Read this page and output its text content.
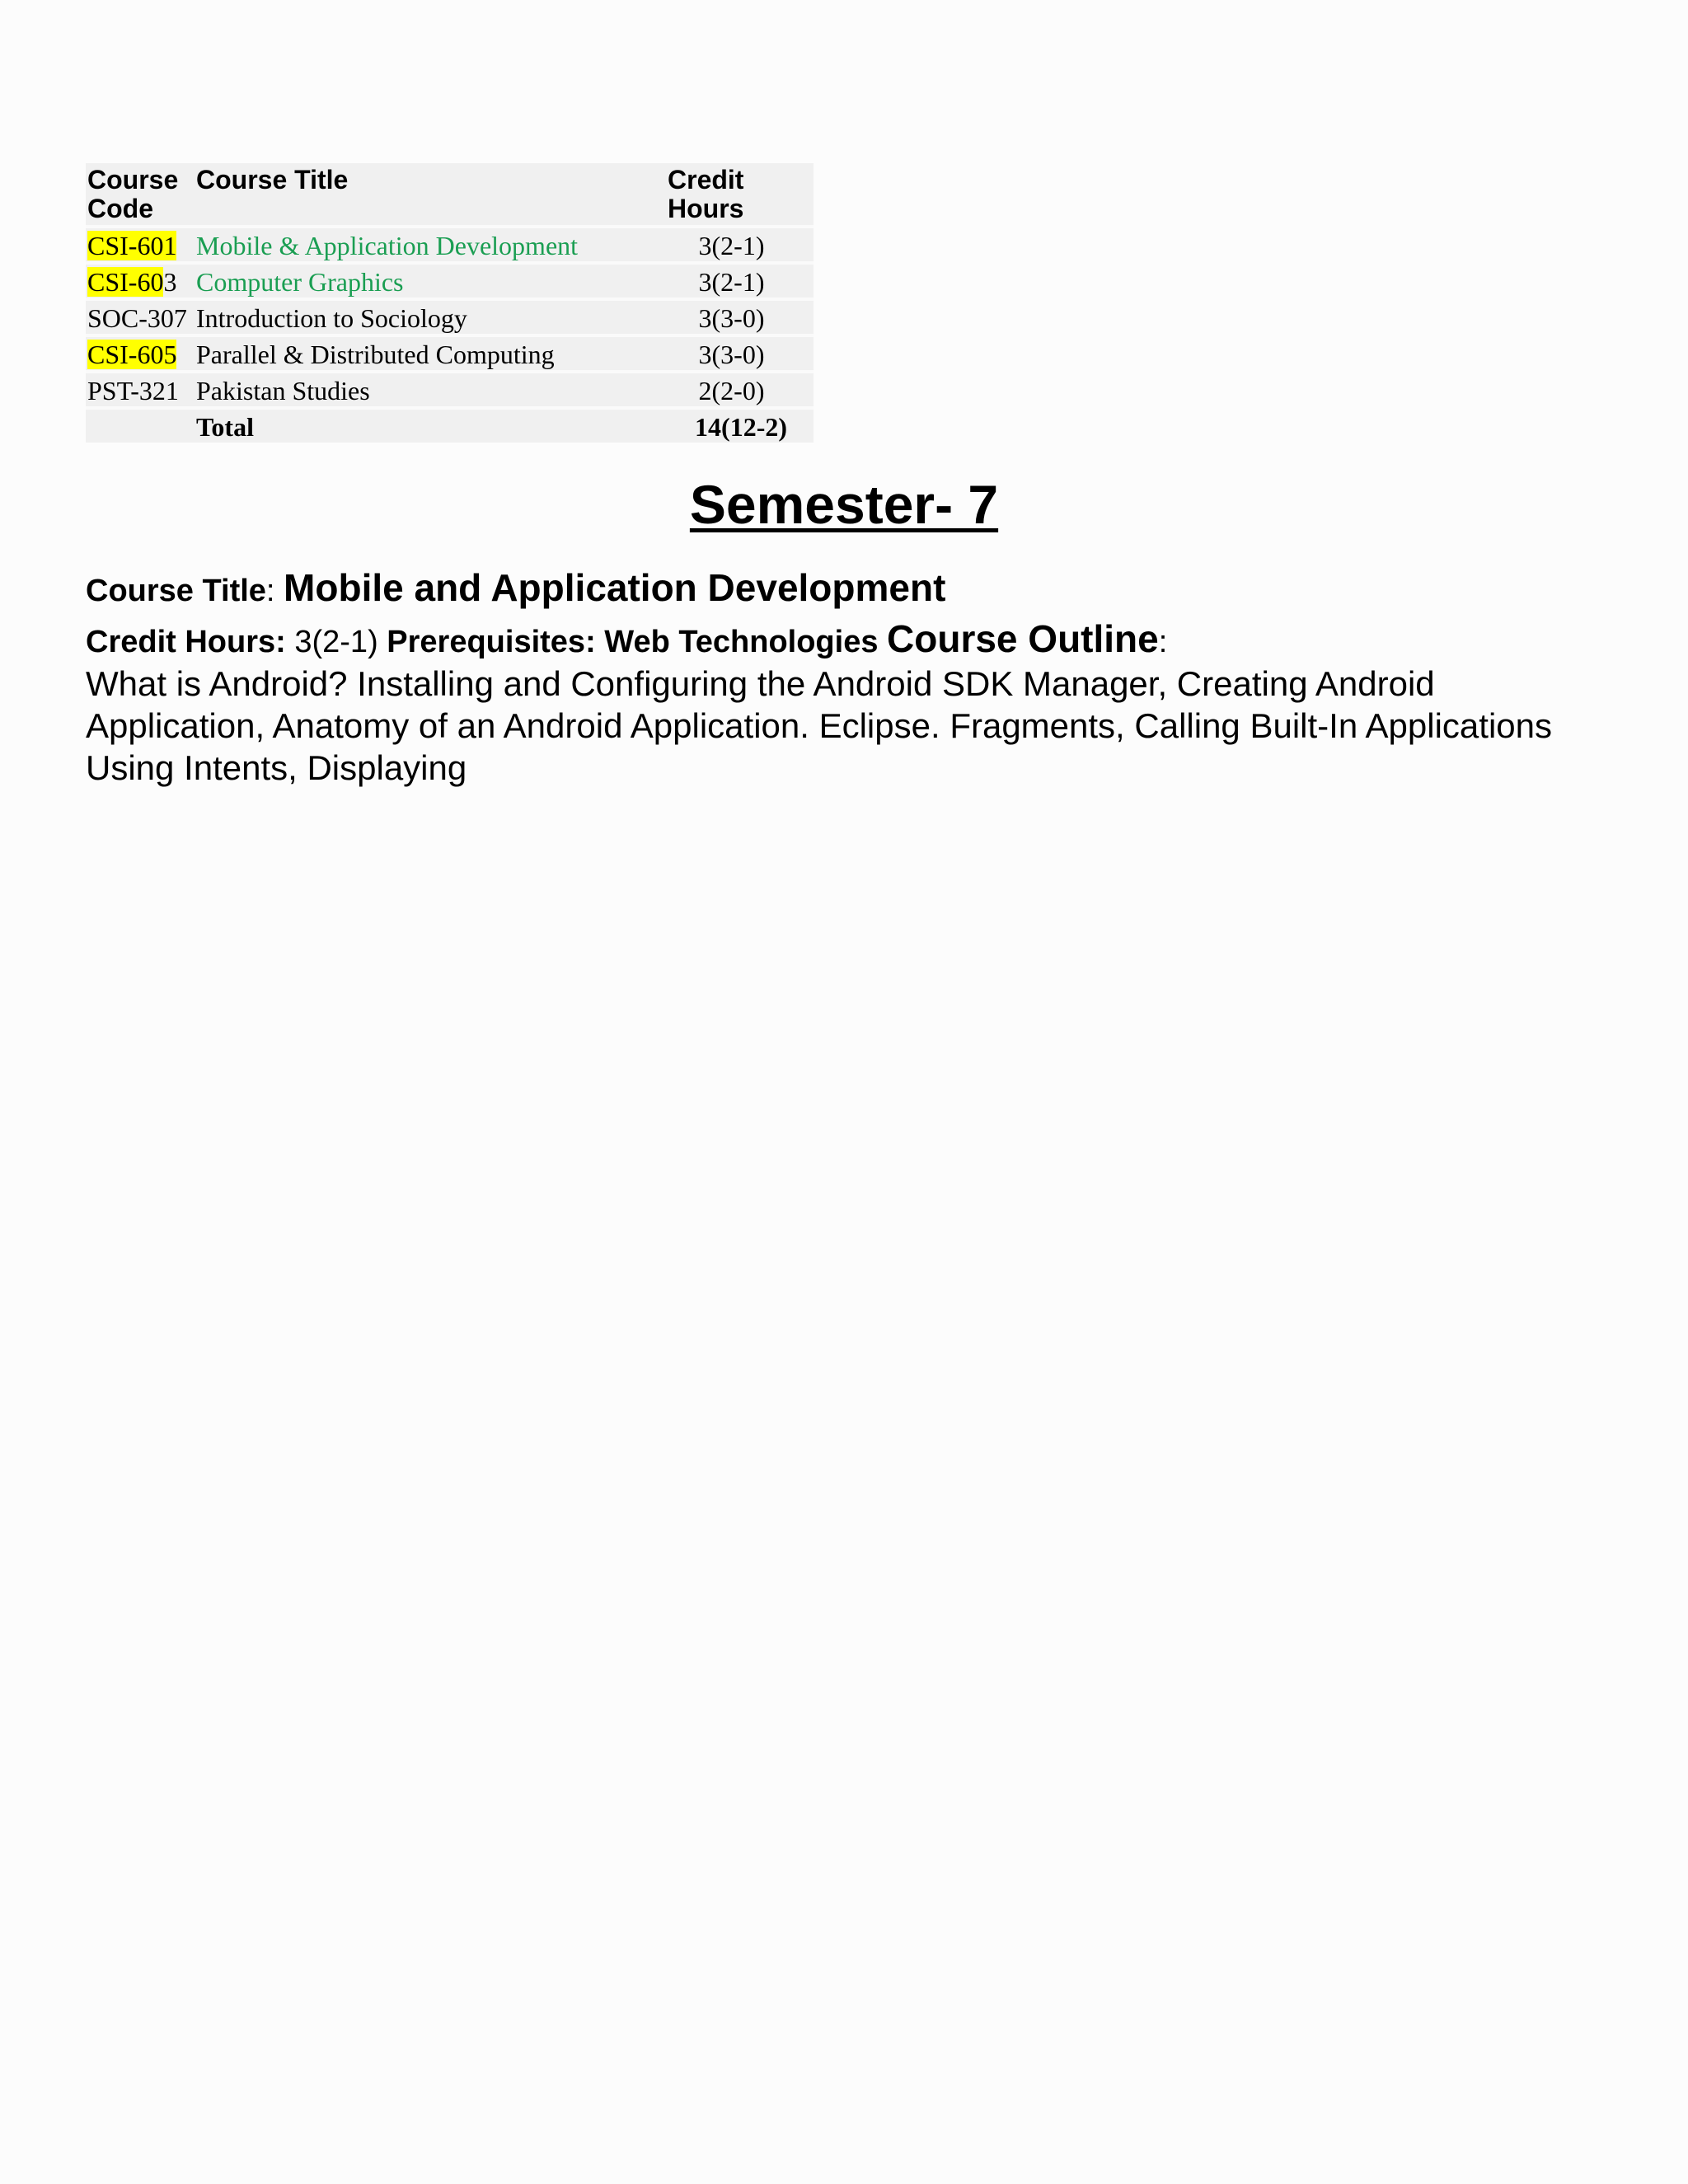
Course Code	Course Title	Credit Hours
CSI-601	Mobile & Application Development	3(2-1)
CSI-603	Computer Graphics	3(2-1)
SOC-307	Introduction to Sociology	3(3-0)
CSI-605	Parallel & Distributed Computing	3(3-0)
PST-321	Pakistan Studies	2(2-0)
	Total	14(12-2)
Semester- 7
Course Title: Mobile and Application Development
Credit Hours: 3(2-1) Prerequisites: Web Technologies Course Outline:

What is Android? Installing and Configuring the Android SDK Manager, Creating Android Application, Anatomy of an Android Application. Eclipse. Fragments, Calling Built-In Applications Using Intents, Displaying
